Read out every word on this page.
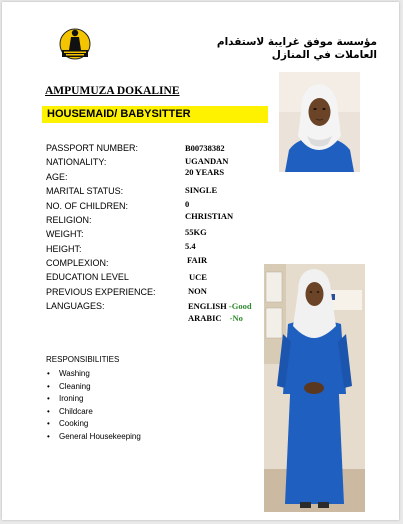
مؤسسة موفق غرايبة لاستقدام العاملات في المنازل
AMPUMUZA DOKALINE
HOUSEMAID/ BABYSITTER
PASSPORT NUMBER:
NATIONALITY:
AGE:
MARITAL STATUS:
NO. OF CHILDREN:
RELIGION:
WEIGHT:
HEIGHT:
COMPLEXION:
EDUCATION LEVEL
PREVIOUS EXPERIENCE:
LANGUAGES:
B00738382
UGANDAN
20 YEARS
SINGLE
0
CHRISTIAN
55KG
5.4
FAIR
UCE
NON
ENGLISH -Good
ARABIC -No
RESPONSIBILITIES
• Washing
• Cleaning
• Ironing
• Childcare
• Cooking
• General Housekeeping
